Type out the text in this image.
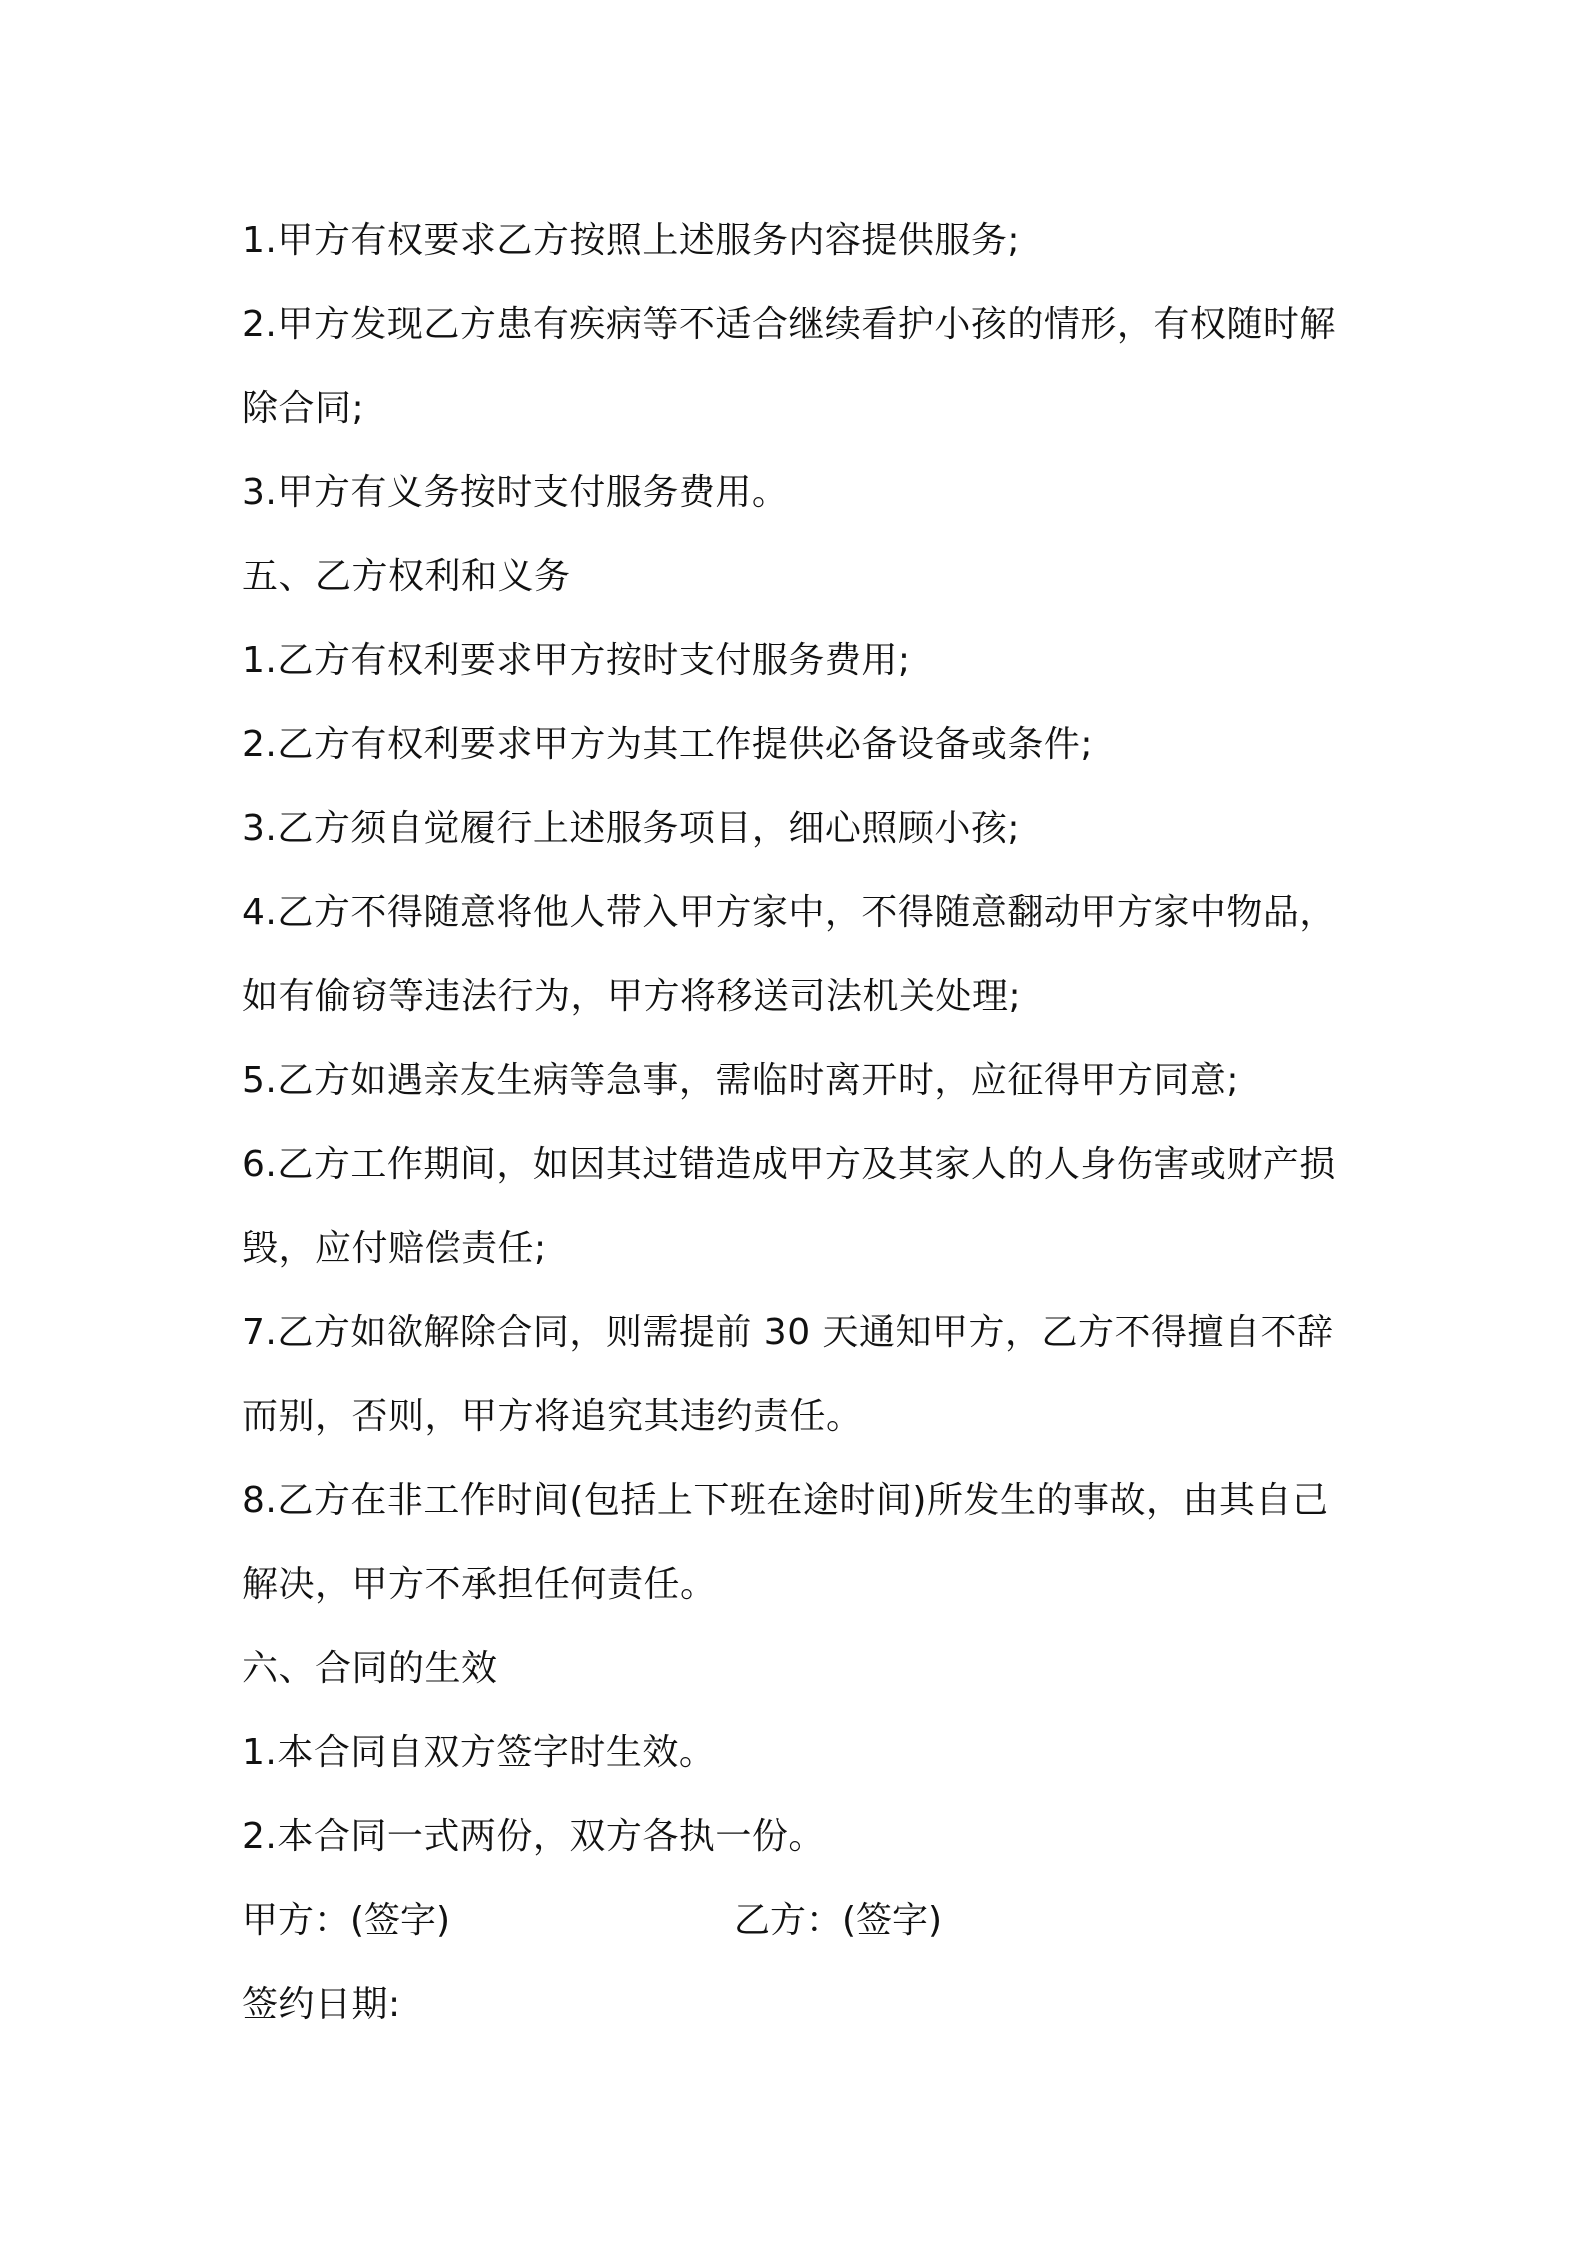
1.甲方有权要求乙方按照上述服务内容提供服务;
2.甲方发现乙方患有疾病等不适合继续看护小孩的情形，有权随时解
除合同;
3.甲方有义务按时支付服务费用。
五、乙方权利和义务
1.乙方有权利要求甲方按时支付服务费用;
2.乙方有权利要求甲方为其工作提供必备设备或条件;
3.乙方须自觉履行上述服务项目，细心照顾小孩;
4.乙方不得随意将他人带入甲方家中，不得随意翻动甲方家中物品，
如有偷窃等违法行为，甲方将移送司法机关处理;
5.乙方如遇亲友生病等急事，需临时离开时，应征得甲方同意;
6.乙方工作期间，如因其过错造成甲方及其家人的人身伤害或财产损
毁，应付赔偿责任;
7.乙方如欲解除合同，则需提前 30 天通知甲方，乙方不得擅自不辞
而别，否则，甲方将追究其违约责任。
8.乙方在非工作时间(包括上下班在途时间)所发生的事故，由其自己
解决，甲方不承担任何责任。
六、合同的生效
1.本合同自双方签字时生效。
2.本合同一式两份，双方各执一份。
甲方：(签字)	乙方：(签字)
签约日期:
